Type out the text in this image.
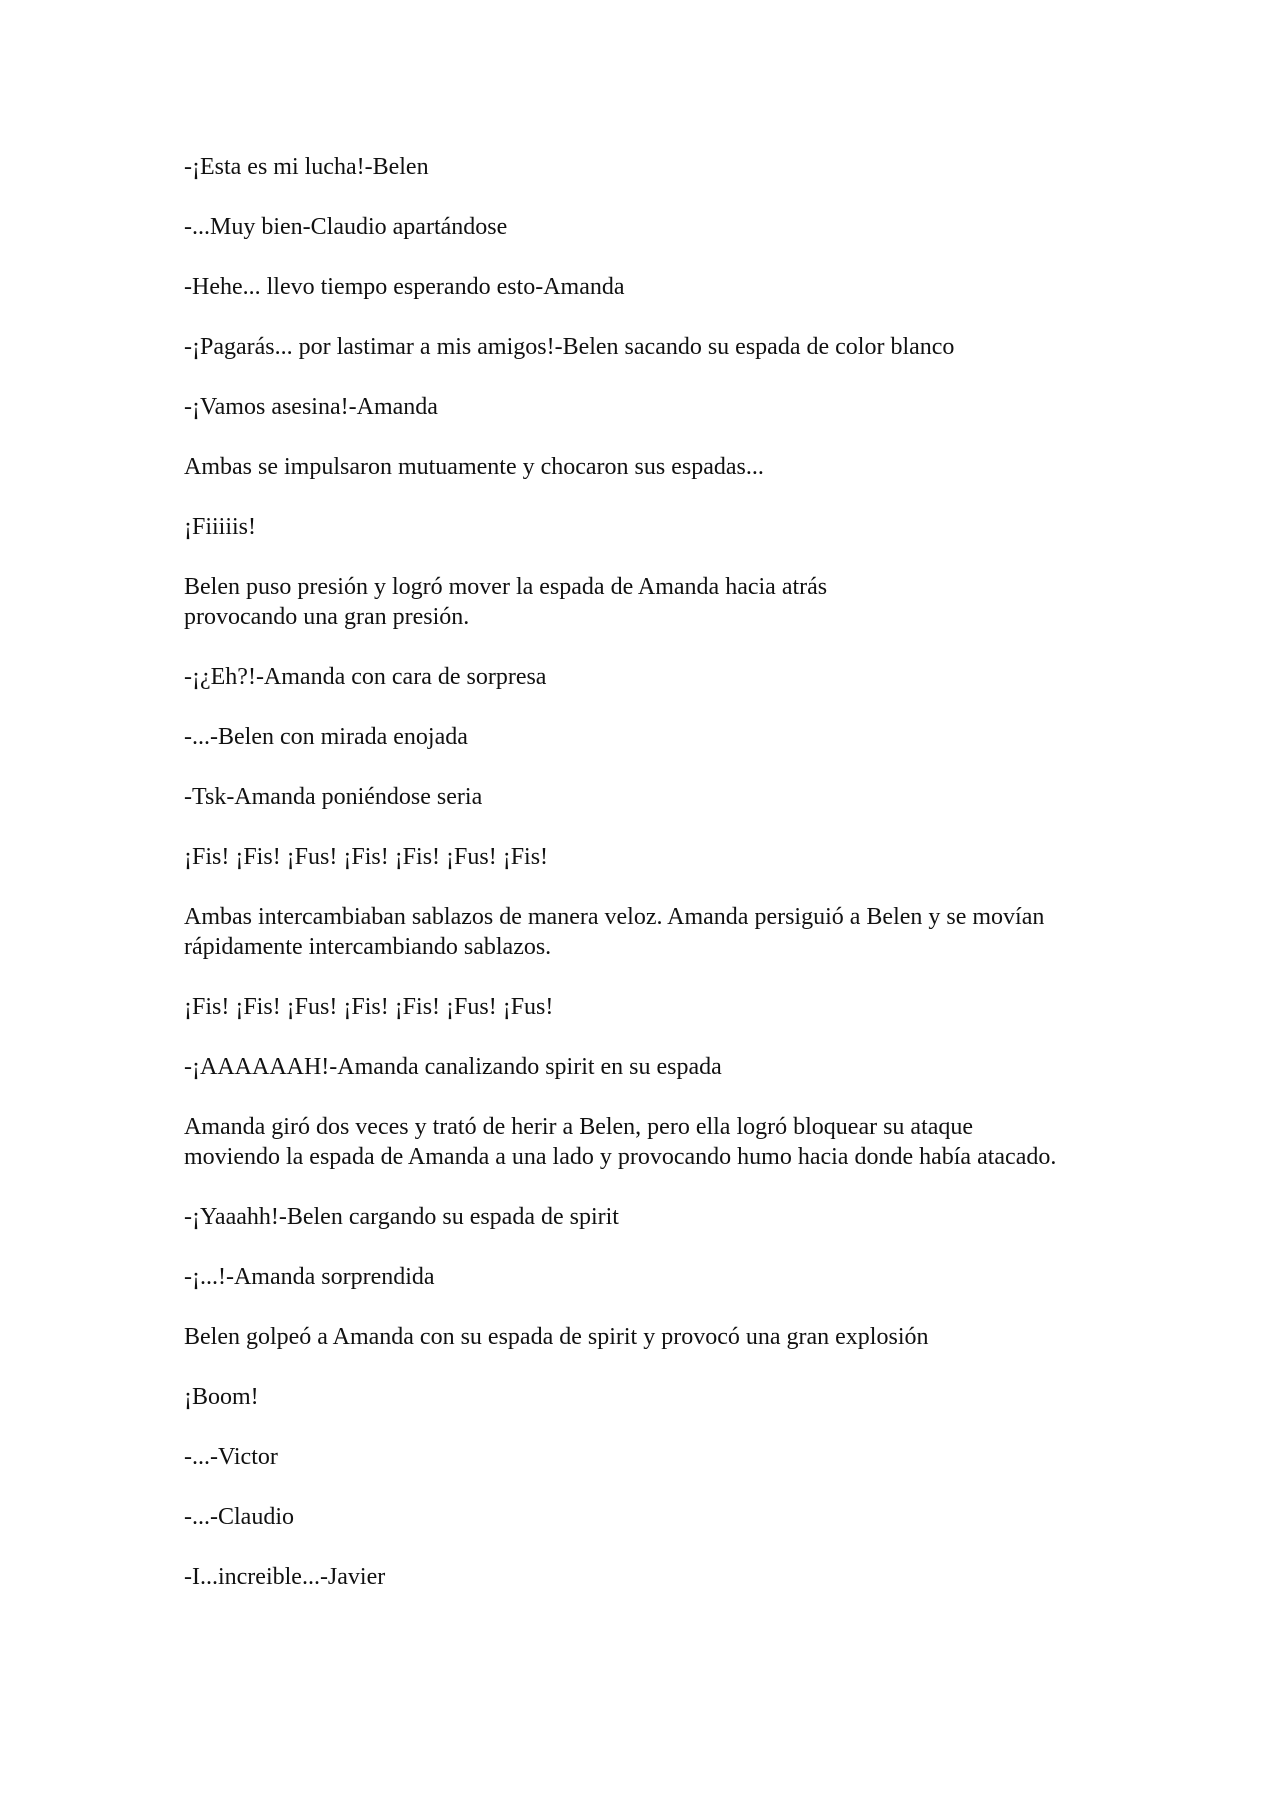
-¡Esta es mi lucha!-Belen

-...Muy bien-Claudio apartándose

-Hehe... llevo tiempo esperando esto-Amanda

-¡Pagarás... por lastimar a mis amigos!-Belen sacando su espada de color blanco

-¡Vamos asesina!-Amanda

Ambas se impulsaron mutuamente y chocaron sus espadas...

¡Fiiiiis!

Belen puso presión y logró mover la espada de Amanda hacia atrás provocando una gran presión.

-¡¿Eh?!-Amanda con cara de sorpresa

-...-Belen con mirada enojada

-Tsk-Amanda poniéndose seria

¡Fis! ¡Fis! ¡Fus! ¡Fis! ¡Fis! ¡Fus! ¡Fis!

Ambas intercambiaban sablazos de manera veloz. Amanda persiguió a Belen y se movían rápidamente intercambiando sablazos.

¡Fis! ¡Fis! ¡Fus! ¡Fis! ¡Fis! ¡Fus! ¡Fus!

-¡AAAAAAH!-Amanda canalizando spirit en su espada

Amanda giró dos veces y trató de herir a Belen, pero ella logró bloquear su ataque moviendo la espada de Amanda a una lado y provocando humo hacia donde había atacado.

-¡Yaaahh!-Belen cargando su espada de spirit

-¡...!-Amanda sorprendida

Belen golpeó a Amanda con su espada de spirit y provocó una gran explosión

¡Boom!

-...-Victor

-...-Claudio

-I...increible...-Javier
